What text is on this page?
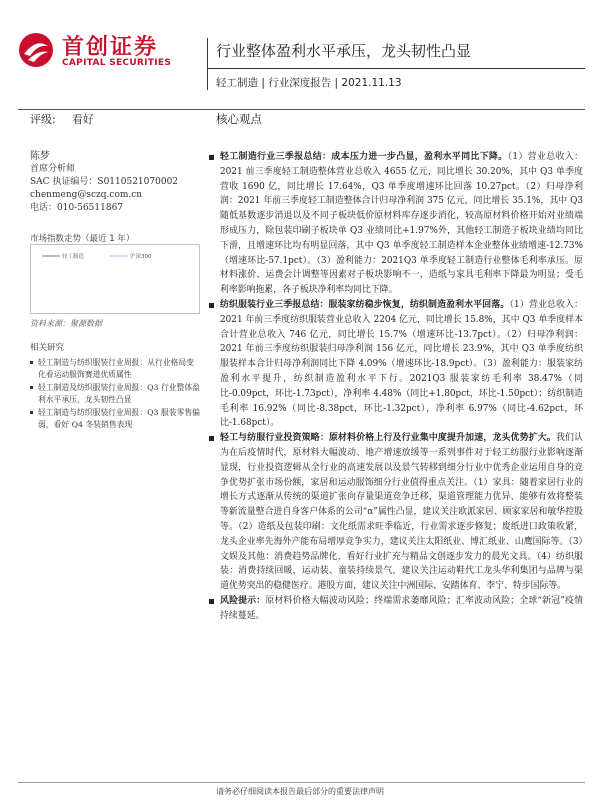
首创证券
CAPITAL SECURITIES
行业整体盈利水平承压，龙头韧性凸显
轻工制造 | 行业深度报告 | 2021.11.13
评级: 看好	核心观点
陈梦
首席分析师
SAC 执证编号：S0110521070002
chenmeng@sczq.com.cn
电话：010-56511867
市场指数走势（最近 1 年）
轻工制造	沪深300
资料来源：聚源数据
相关研究
轻工制造与纺织服装行业周报：从行业格局变化看运动服饰赛道优质属性
轻工制造及纺织服装行业周报：Q3 行业整体盈利水平承压，龙头韧性凸显
轻工制造与纺织服装行业周报：Q3 服装零售偏弱，看好 Q4 冬装销售表现

轻工制造行业三季报总结：成本压力进一步凸显，盈利水平同比下降。（1）营业总收入：2021 前三季度轻工制造整体营业总收入 4655 亿元，同比增长 30.20%，其中 Q3 单季度营收 1690 亿，同比增长 17.64%，Q3 单季度增速环比回落 10.27pct。（2）归母净利润：2021 年前三季度轻工制造整体合计归母净利润 375 亿元，同比增长 35.1%，其中 Q3 随低基数逐步消退以及不同子板块低价原材料库存逐步消化，较高原材料价格开始对业绩端形成压力，除包装印刷子板块单 Q3 业绩同比+1.97%外，其他轻工制造子板块业绩均同比下滑，且增速环比均有明显回落，其中 Q3 单季度轻工制造样本企业整体业绩增速-12.73%（增速环比-57.1pct）。（3）盈利能力：2021Q3 单季度轻工制造行业整体毛利率承压。原材料涨价、运费会计调整等因素对子板块影响不一，造纸与家具毛利率下降最为明显；受毛利率影响拖累，各子板块净利率均同比下降。

纺织服装行业三季报总结：服装家纺稳步恢复，纺织制造盈利水平回落。（1）营业总收入：2021 年前三季度纺织服装营业总收入 2204 亿元，同比增长 15.8%，其中 Q3 单季度样本合计营业总收入 746 亿元，同比增长 15.7%（增速环比-13.7pct）。（2）归母净利润：2021 年前三季度纺织服装归母净利润 156 亿元，同比增长 23.9%，其中 Q3 单季度纺织服装样本合计归母净利润同比下降 4.09%（增速环比-18.9pct）。（3）盈利能力：服装家纺盈利水平提升，纺织制造盈利水平下行。2021Q3 服装家纺毛利率 38.47%（同比-0.09pct，环比-1.73pct），净利率 4.48%（同比+1.80pct，环比-1.50pct）；纺织制造毛利率 16.92%（同比-8.38pct，环比-1.32pct），净利率 6.97%（同比-4.62pct，环比-1.68pct）。

轻工与纺服行业投资策略：原材料价格上行及行业集中度提升加速，龙头优势扩大。我们认为在后疫情时代，原材料大幅波动、地产增速放缓等一系列事件对于轻工纺服行业影响逐渐显现，行业投资逻辑从全行业的高速发展以及景气转移到细分行业中优秀企业运用自身的竞争优势扩张市场份额，家居和运动服饰细分行业值得重点关注。（1）家具：随着家居行业的增长方式逐渐从传统的渠道扩张向存量渠道竞争迁移，渠道管理能力优异、能够有效将整装等新流量整合进自身客户体系的公司“α”属性凸显，建议关注欧派家居、顾家家居和敏华控股等。（2）造纸及包装印刷：文化纸需求旺季临近，行业需求逐步修复；废纸进口政策收紧，龙头企业率先海外产能布局增厚竞争实力，建议关注太阳纸业、博汇纸业、山鹰国际等。（3）文娱及其他：消费趋势品牌化，看好行业扩充与精品文创逐步发力的晨光文具。（4）纺织服装：消费持续回暖，运动装、童装持续景气，建议关注运动鞋代工龙头华利集团与品牌与渠道优势突出的稳健医疗。港股方面，建议关注中洲国际、安踏体育、李宁、特步国际等。

风险提示：原材料价格大幅波动风险；终端需求萎靡风险；汇率波动风险；全球“新冠”疫情持续蔓延。

请务必仔细阅读本报告最后部分的重要法律声明
